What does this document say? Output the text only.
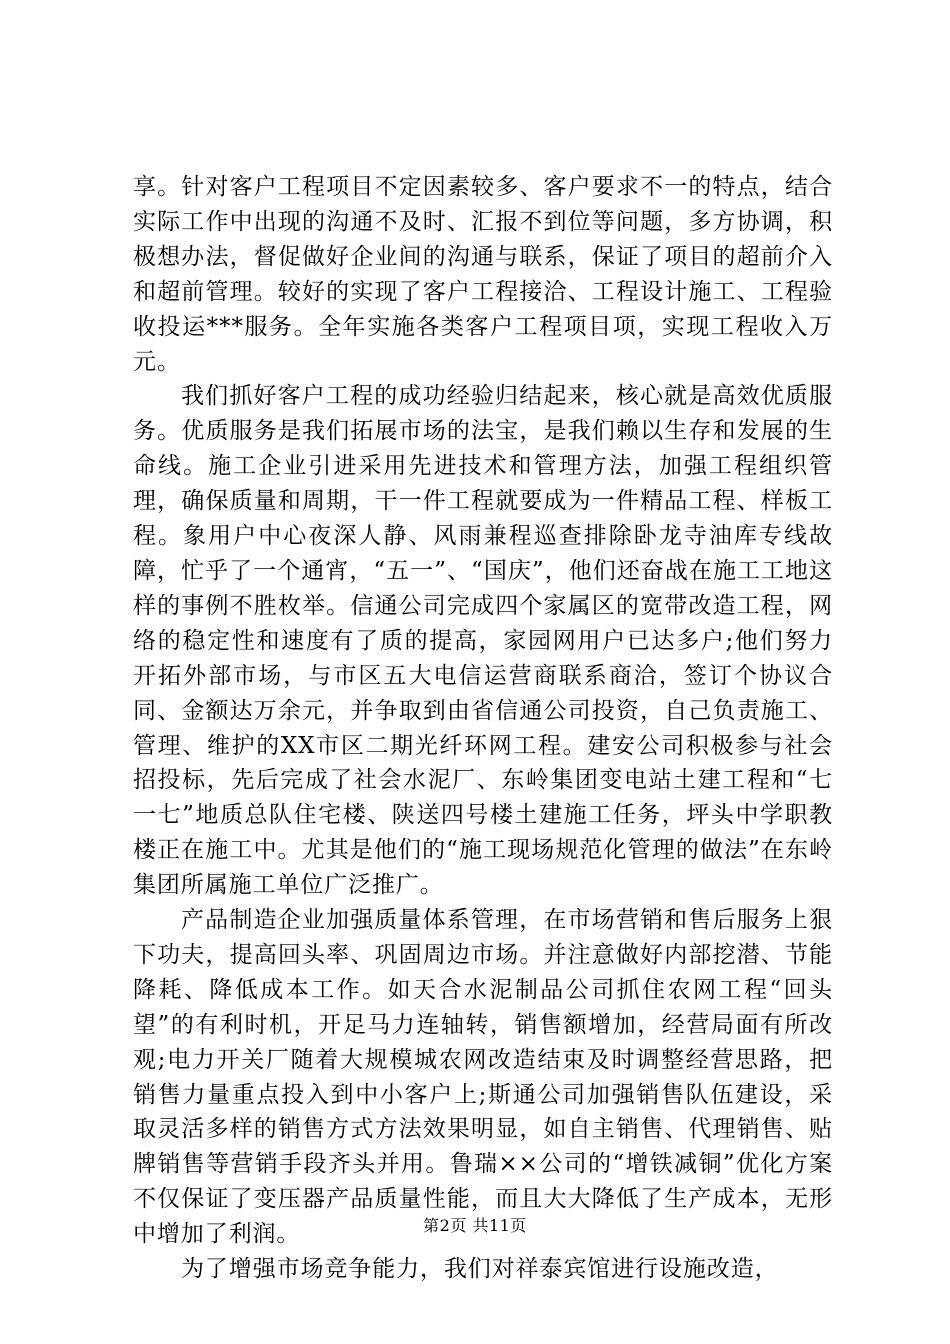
享。针对客户工程项目不定因素较多、客户要求不一的特点，结合实际工作中出现的沟通不及时、汇报不到位等问题，多方协调，积极想办法，督促做好企业间的沟通与联系，保证了项目的超前介入和超前管理。较好的实现了客户工程接洽、工程设计施工、工程验收投运***服务。全年实施各类客户工程项目项，实现工程收入万元。

我们抓好客户工程的成功经验归结起来，核心就是高效优质服务。优质服务是我们拓展市场的法宝，是我们赖以生存和发展的生命线。施工企业引进采用先进技术和管理方法，加强工程组织管理，确保质量和周期，干一件工程就要成为一件精品工程、样板工程。象用户中心夜深人静、风雨兼程巡查排除卧龙寺油库专线故障，忙乎了一个通宵，“五一”、“国庆”，他们还奋战在施工工地这样的事例不胜枚举。信通公司完成四个家属区的宽带改造工程，网络的稳定性和速度有了质的提高，家园网用户已达多户;他们努力开拓外部市场，与市区五大电信运营商联系商洽，签订个协议合同、金额达万余元，并争取到由省信通公司投资，自己负责施工、管理、维护的XX市区二期光纤环网工程。建安公司积极参与社会招投标，先后完成了社会水泥厂、东岭集团变电站土建工程和“七一七”地质总队住宅楼、陕送四号楼土建施工任务，坪头中学职教楼正在施工中。尤其是他们的“施工现场规范化管理的做法”在东岭集团所属施工单位广泛推广。

产品制造企业加强质量体系管理，在市场营销和售后服务上狠下功夫，提高回头率、巩固周边市场。并注意做好内部挖潜、节能降耗、降低成本工作。如天合水泥制品公司抓住农网工程“回头望”的有利时机，开足马力连轴转，销售额增加，经营局面有所改观;电力开关厂随着大规模城农网改造结束及时调整经营思路，把销售力量重点投入到中小客户上;斯通公司加强销售队伍建设，采取灵活多样的销售方式方法效果明显，如自主销售、代理销售、贴牌销售等营销手段齐头并用。鲁瑞××公司的“增铁减铜”优化方案不仅保证了变压器产品质量性能，而且大大降低了生产成本，无形中增加了利润。

为了增强市场竞争能力，我们对祥泰宾馆进行设施改造，

第2页 共11页
